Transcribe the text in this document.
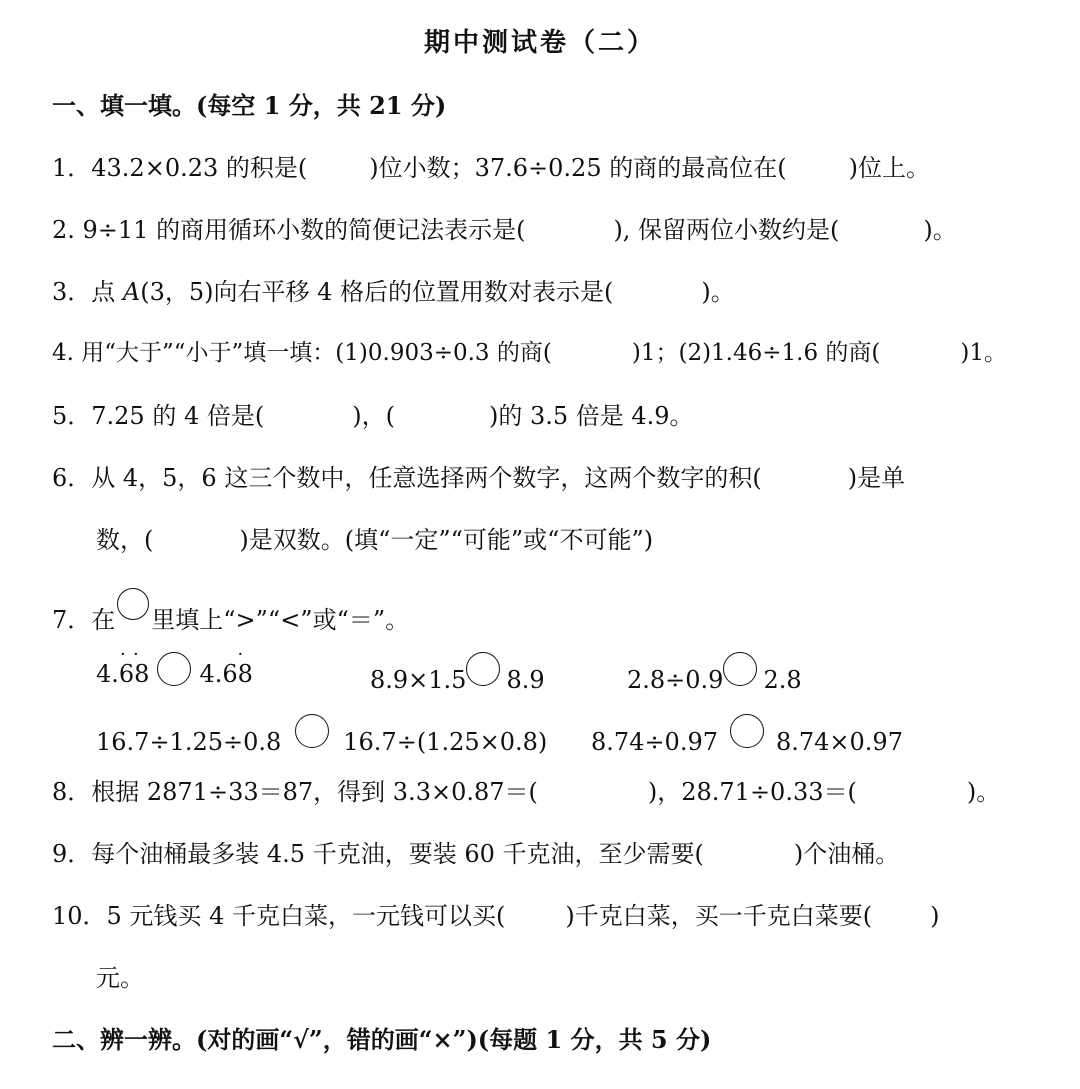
期中测试卷（二）
一、填一填。(每空 1 分，共 21 分)
1．43.2×0.23 的积是(	)位小数；37.6÷0.25 的商的最高位在(	)位上。
2. 9÷11 的商用循环小数的简便记法表示是(	), 保留两位小数约是(	)。
3．点 A(3，5)向右平移 4 格后的位置用数对表示是(	)。
4. 用“大于”“小于”填一填：(1)0.903÷0.3 的商(	)1；(2)1.46÷1.6 的商(	)1。
5．7.25 的 4 倍是(	)，(	)的 3.5 倍是 4.9。
6．从 4，5，6 这三个数中，任意选择两个数字，这两个数字的积(	)是单
数，(	)是双数。(填“一定”“可能”或“不可能”)
7．在 里填上“>”“<”或“＝”。
· ·
4.68
·
4.68	8.9×1.5 8.9	2.8÷0.9 2.8
16.7÷1.25÷0.8	16.7÷(1.25×0.8) 8.74÷0.97 8.74×0.97
8．根据 2871÷33＝87，得到 3.3×0.87＝(	)，28.71÷0.33＝(	)。
9．每个油桶最多装 4.5 千克油，要装 60 千克油，至少需要(	)个油桶。
10．5 元钱买 4 千克白菜，一元钱可以买(	)千克白菜，买一千克白菜要( )
元。
二、辨一辨。(对的画“√”，错的画“×”)(每题 1 分，共 5 分)
